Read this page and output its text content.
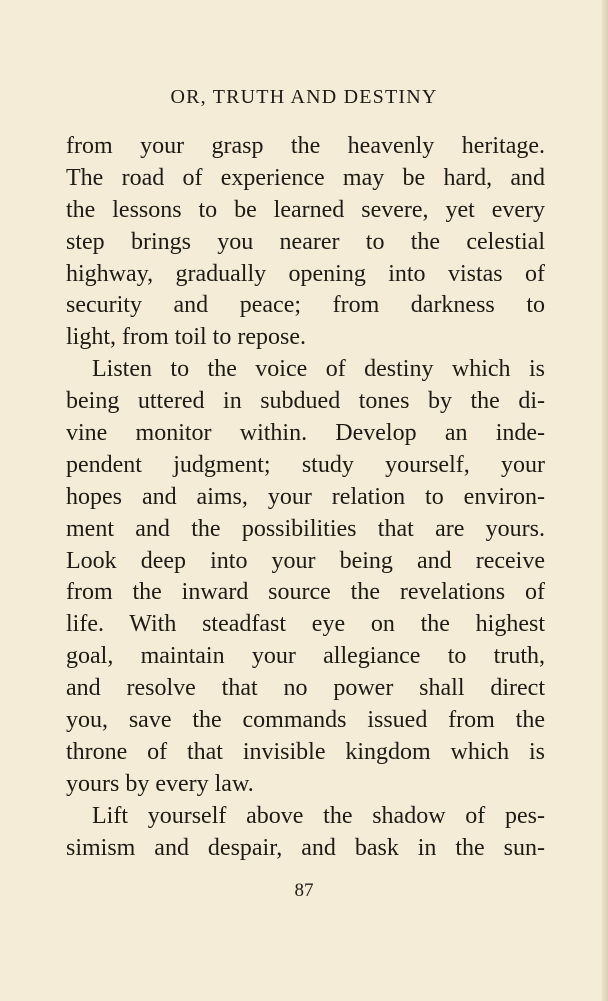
OR, TRUTH AND DESTINY
from your grasp the heavenly heritage.
The road of experience may be hard, and
the lessons to be learned severe, yet every
step brings you nearer to the celestial
highway, gradually opening into vistas of
security and peace; from darkness to
light, from toil to repose.
Listen to the voice of destiny which is
being uttered in subdued tones by the di-
vine monitor within. Develop an inde-
pendent judgment; study yourself, your
hopes and aims, your relation to environ-
ment and the possibilities that are yours.
Look deep into your being and receive
from the inward source the revelations of
life. With steadfast eye on the highest
goal, maintain your allegiance to truth,
and resolve that no power shall direct
you, save the commands issued from the
throne of that invisible kingdom which is
yours by every law.
Lift yourself above the shadow of pes-
simism and despair, and bask in the sun-
87
